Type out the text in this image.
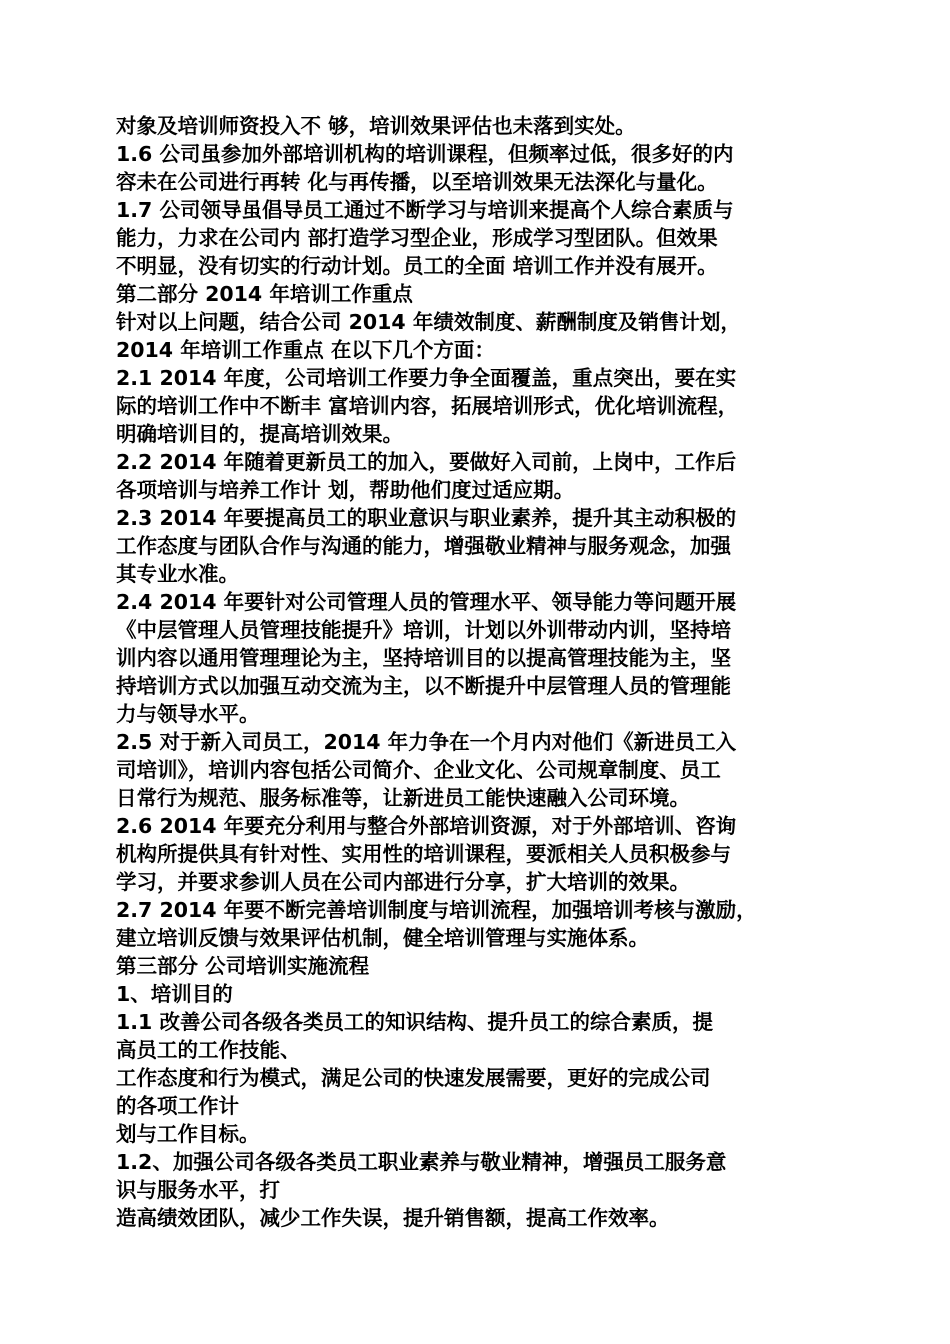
对象及培训师资投入不 够，培训效果评估也未落到实处。
1.6 公司虽参加外部培训机构的培训课程，但频率过低，很多好的内
容未在公司进行再转 化与再传播，以至培训效果无法深化与量化。
1.7 公司领导虽倡导员工通过不断学习与培训来提高个人综合素质与
能力，力求在公司内 部打造学习型企业，形成学习型团队。但效果
不明显，没有切实的行动计划。员工的全面 培训工作并没有展开。
第二部分 2014 年培训工作重点
针对以上问题，结合公司 2014 年绩效制度、薪酬制度及销售计划，
2014 年培训工作重点 在以下几个方面：
2.1 2014 年度，公司培训工作要力争全面覆盖，重点突出，要在实
际的培训工作中不断丰 富培训内容，拓展培训形式，优化培训流程，
明确培训目的，提高培训效果。
2.2 2014 年随着更新员工的加入，要做好入司前，上岗中，工作后
各项培训与培养工作计 划，帮助他们度过适应期。
2.3 2014 年要提高员工的职业意识与职业素养，提升其主动积极的
工作态度与团队合作与沟通的能力，增强敬业精神与服务观念，加强
其专业水准。
2.4 2014 年要针对公司管理人员的管理水平、领导能力等问题开展
《中层管理人员管理技能提升》培训，计划以外训带动内训，坚持培
训内容以通用管理理论为主，坚持培训目的以提高管理技能为主，坚
持培训方式以加强互动交流为主，以不断提升中层管理人员的管理能
力与领导水平。
2.5 对于新入司员工，2014 年力争在一个月内对他们《新进员工入
司培训》，培训内容包括公司简介、企业文化、公司规章制度、员工
日常行为规范、服务标准等，让新进员工能快速融入公司环境。
2.6 2014 年要充分利用与整合外部培训资源，对于外部培训、咨询
机构所提供具有针对性、实用性的培训课程，要派相关人员积极参与
学习，并要求参训人员在公司内部进行分享，扩大培训的效果。
2.7 2014 年要不断完善培训制度与培训流程，加强培训考核与激励，
建立培训反馈与效果评估机制，健全培训管理与实施体系。
第三部分 公司培训实施流程
1、培训目的
1.1 改善公司各级各类员工的知识结构、提升员工的综合素质，提
高员工的工作技能、
工作态度和行为模式，满足公司的快速发展需要，更好的完成公司
的各项工作计
划与工作目标。
1.2、加强公司各级各类员工职业素养与敬业精神，增强员工服务意
识与服务水平，打
造高绩效团队，减少工作失误，提升销售额，提高工作效率。
